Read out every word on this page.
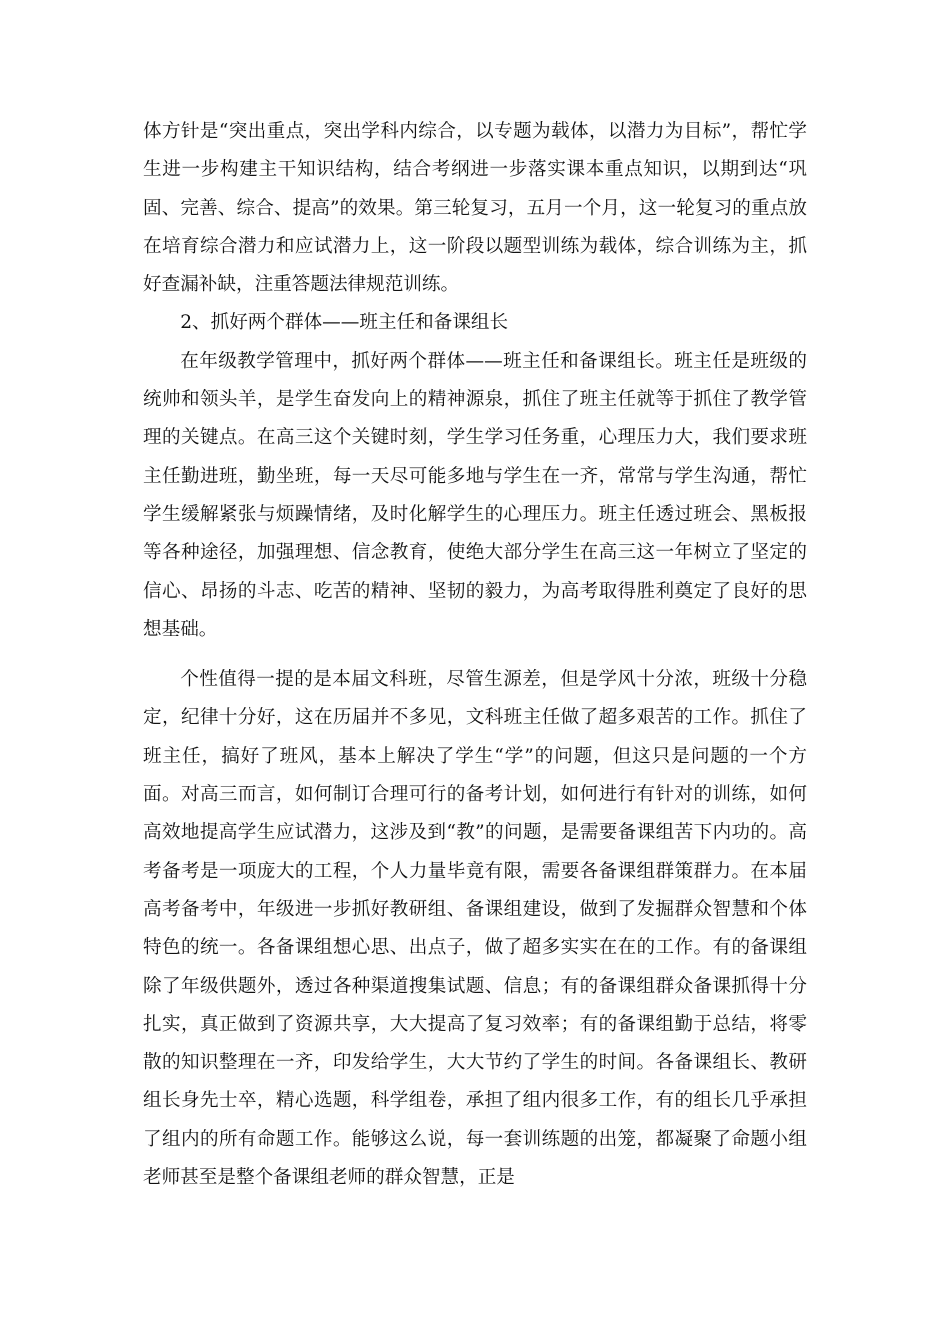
体方针是“突出重点，突出学科内综合，以专题为载体，以潜力为目标”，帮忙学生进一步构建主干知识结构，结合考纲进一步落实课本重点知识，以期到达“巩固、完善、综合、提高”的效果。第三轮复习，五月一个月，这一轮复习的重点放在培育综合潜力和应试潜力上，这一阶段以题型训练为载体，综合训练为主，抓好查漏补缺，注重答题法律规范训练。

2、抓好两个群体——班主任和备课组长

在年级教学管理中，抓好两个群体——班主任和备课组长。班主任是班级的统帅和领头羊，是学生奋发向上的精神源泉，抓住了班主任就等于抓住了教学管理的关键点。在高三这个关键时刻，学生学习任务重，心理压力大，我们要求班主任勤进班，勤坐班，每一天尽可能多地与学生在一齐，常常与学生沟通，帮忙学生缓解紧张与烦躁情绪，及时化解学生的心理压力。班主任透过班会、黑板报等各种途径，加强理想、信念教育，使绝大部分学生在高三这一年树立了坚定的信心、昂扬的斗志、吃苦的精神、坚韧的毅力，为高考取得胜利奠定了良好的思想基础。

个性值得一提的是本届文科班，尽管生源差，但是学风十分浓，班级十分稳定，纪律十分好，这在历届并不多见，文科班主任做了超多艰苦的工作。抓住了班主任，搞好了班风，基本上解决了学生“学”的问题，但这只是问题的一个方面。对高三而言，如何制订合理可行的备考计划，如何进行有针对的训练，如何高效地提高学生应试潜力，这涉及到“教”的问题，是需要备课组苦下内功的。高考备考是一项庞大的工程，个人力量毕竟有限，需要各备课组群策群力。在本届高考备考中，年级进一步抓好教研组、备课组建设，做到了发掘群众智慧和个体特色的统一。各备课组想心思、出点子，做了超多实实在在的工作。有的备课组除了年级供题外，透过各种渠道搜集试题、信息；有的备课组群众备课抓得十分扎实，真正做到了资源共享，大大提高了复习效率；有的备课组勤于总结，将零散的知识整理在一齐，印发给学生，大大节约了学生的时间。各备课组长、教研组长身先士卒，精心选题，科学组卷，承担了组内很多工作，有的组长几乎承担了组内的所有命题工作。能够这么说，每一套训练题的出笼，都凝聚了命题小组老师甚至是整个备课组老师的群众智慧，正是
